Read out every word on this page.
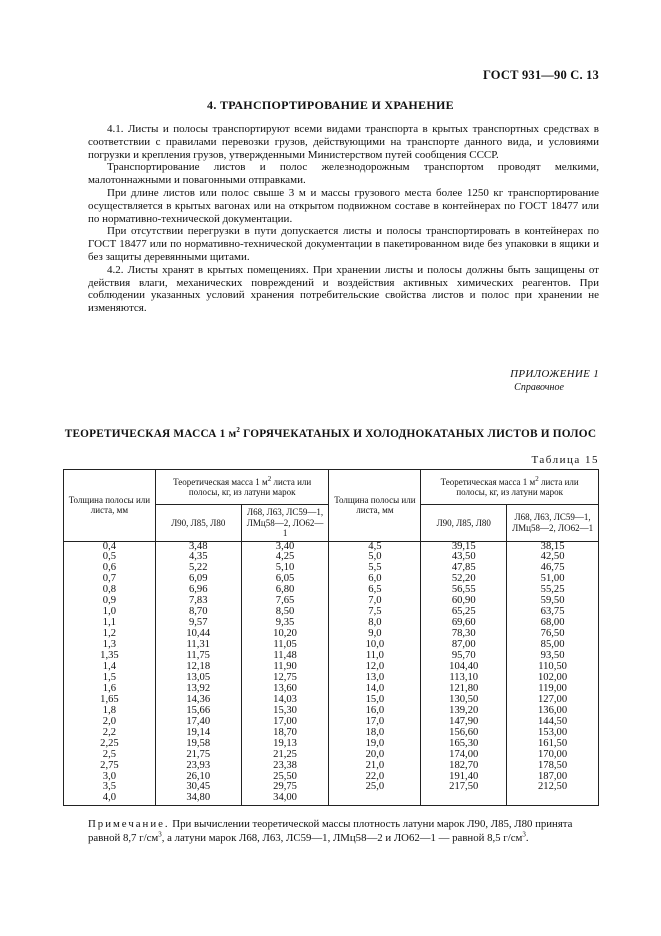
ГОСТ 931—90 С. 13
4. ТРАНСПОРТИРОВАНИЕ И ХРАНЕНИЕ

4.1. Листы и полосы транспортируют всеми видами транспорта в крытых транспортных средствах в соответствии с правилами перевозки грузов, действующими на транспорте данного вида, и условиями погрузки и крепления грузов, утвержденными Министерством путей сообщения СССР.

Транспортирование листов и полос железнодорожным транспортом проводят мелкими, малотоннажными и повагонными отправками.

При длине листов или полос свыше 3 м и массы грузового места более 1250 кг транспортирование осуществляется в крытых вагонах или на открытом подвижном составе в контейнерах по ГОСТ 18477 или по нормативно-технической документации.

При отсутствии перегрузки в пути допускается листы и полосы транспортировать в контейнерах по ГОСТ 18477 или по нормативно-технической документации в пакетированном виде без упаковки в ящики и без защиты деревянными щитами.

4.2. Листы хранят в крытых помещениях. При хранении листы и полосы должны быть защищены от действия влаги, механических повреждений и воздействия активных химических реагентов. При соблюдении указанных условий хранения потребительские свойства листов и полос при хранении не изменяются.

ПРИЛОЖЕНИЕ 1
Справочное
ТЕОРЕТИЧЕСКАЯ МАССА 1 $м^2$ ГОРЯЧЕКАТАНЫХ И ХОЛОДНОКАТАНЫХ ЛИСТОВ И ПОЛОС
Таблица 15
Толщина полосы или листа, мм	Теоретическая масса 1 $м^2$ листа или полосы, кг, из латуни марок		Толщина полосы или листа, мм	Теоретическая масса 1 $м^2$ листа или полосы, кг, из латуни марок	
	Л90, Л85, Л80	Л68, Л63, ЛС59—1, ЛМц58—2, ЛО62—1		Л90, Л85, Л80	Л68, Л63, ЛС59—1, ЛМц58—2, ЛО62—1
0,4	3,48	3,40	4,5	39,15	38,15
0,5	4,35	4,25	5,0	43,50	42,50
0,6	5,22	5,10	5,5	47,85	46,75
0,7	6,09	6,05	6,0	52,20	51,00
0,8	6,96	6,80	6,5	56,55	55,25
0,9	7,83	7,65	7,0	60,90	59,50
1,0	8,70	8,50	7,5	65,25	63,75
1,1	9,57	9,35	8,0	69,60	68,00
1,2	10,44	10,20	9,0	78,30	76,50
1,3	11,31	11,05	10,0	87,00	85,00
1,35	11,75	11,48	11,0	95,70	93,50
1,4	12,18	11,90	12,0	104,40	110,50
1,5	13,05	12,75	13,0	113,10	102,00
1,6	13,92	13,60	14,0	121,80	119,00
1,65	14,36	14,03	15,0	130,50	127,00
1,8	15,66	15,30	16,0	139,20	136,00
2,0	17,40	17,00	17,0	147,90	144,50
2,2	19,14	18,70	18,0	156,60	153,00
2,25	19,58	19,13	19,0	165,30	161,50
2,5	21,75	21,25	20,0	174,00	170,00
2,75	23,93	23,38	21,0	182,70	178,50
3,0	26,10	25,50	22,0	191,40	187,00
3,5	30,45	29,75	25,0	217,50	212,50
4,0	34,80	34,00			

Примечание. При вычислении теоретической массы плотность латуни марок Л90, Л85, Л80 принята равной 8,7 $г/см^3$, а латуни марок Л68, Л63, ЛС59—1, ЛМц58—2 и ЛО62—1 — равной 8,5 $г/см^3$.
